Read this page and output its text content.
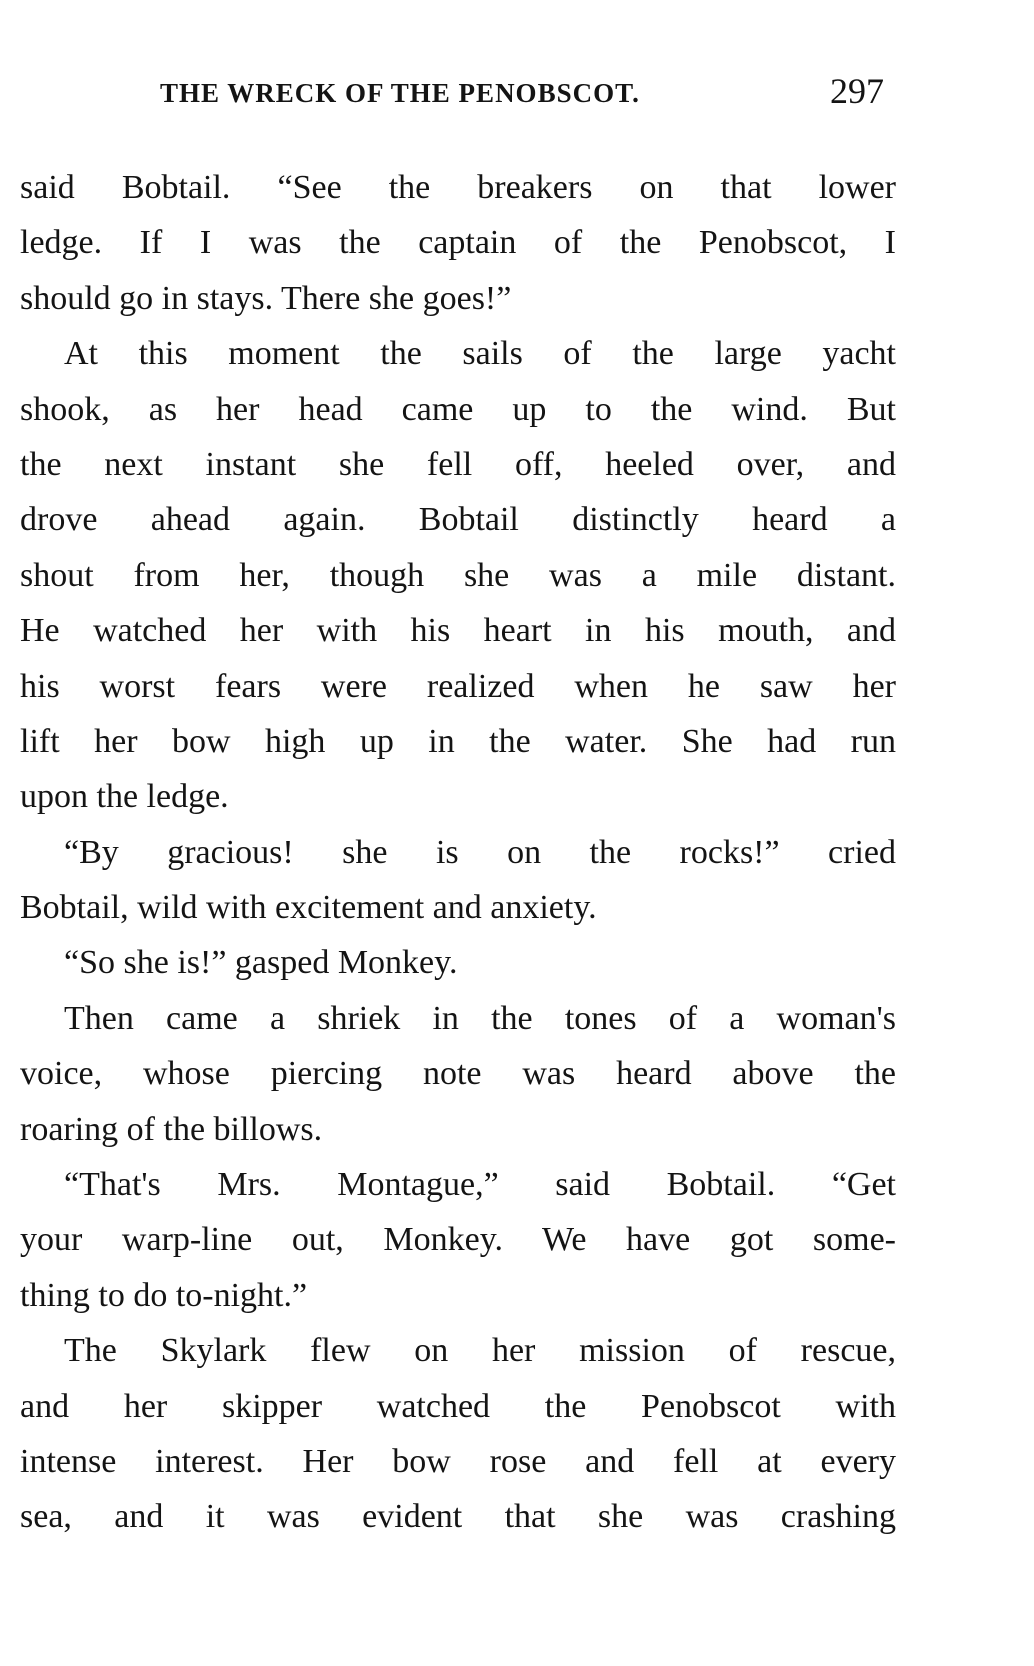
THE WRECK OF THE PENOBSCOT.	297
said Bobtail. “See the breakers on that lower
ledge. If I was the captain of the Penobscot, I
should go in stays. There she goes!”
At this moment the sails of the large yacht
shook, as her head came up to the wind. But
the next instant she fell off, heeled over, and
drove ahead again. Bobtail distinctly heard a
shout from her, though she was a mile distant.
He watched her with his heart in his mouth, and
his worst fears were realized when he saw her
lift her bow high up in the water. She had run
upon the ledge.
“By gracious! she is on the rocks!” cried
Bobtail, wild with excitement and anxiety.
“So she is!” gasped Monkey.
Then came a shriek in the tones of a woman's
voice, whose piercing note was heard above the
roaring of the billows.
“That's Mrs. Montague,” said Bobtail. “Get
your warp-line out, Monkey. We have got some-
thing to do to-night.”
The Skylark flew on her mission of rescue,
and her skipper watched the Penobscot with
intense interest. Her bow rose and fell at every
sea, and it was evident that she was crashing
